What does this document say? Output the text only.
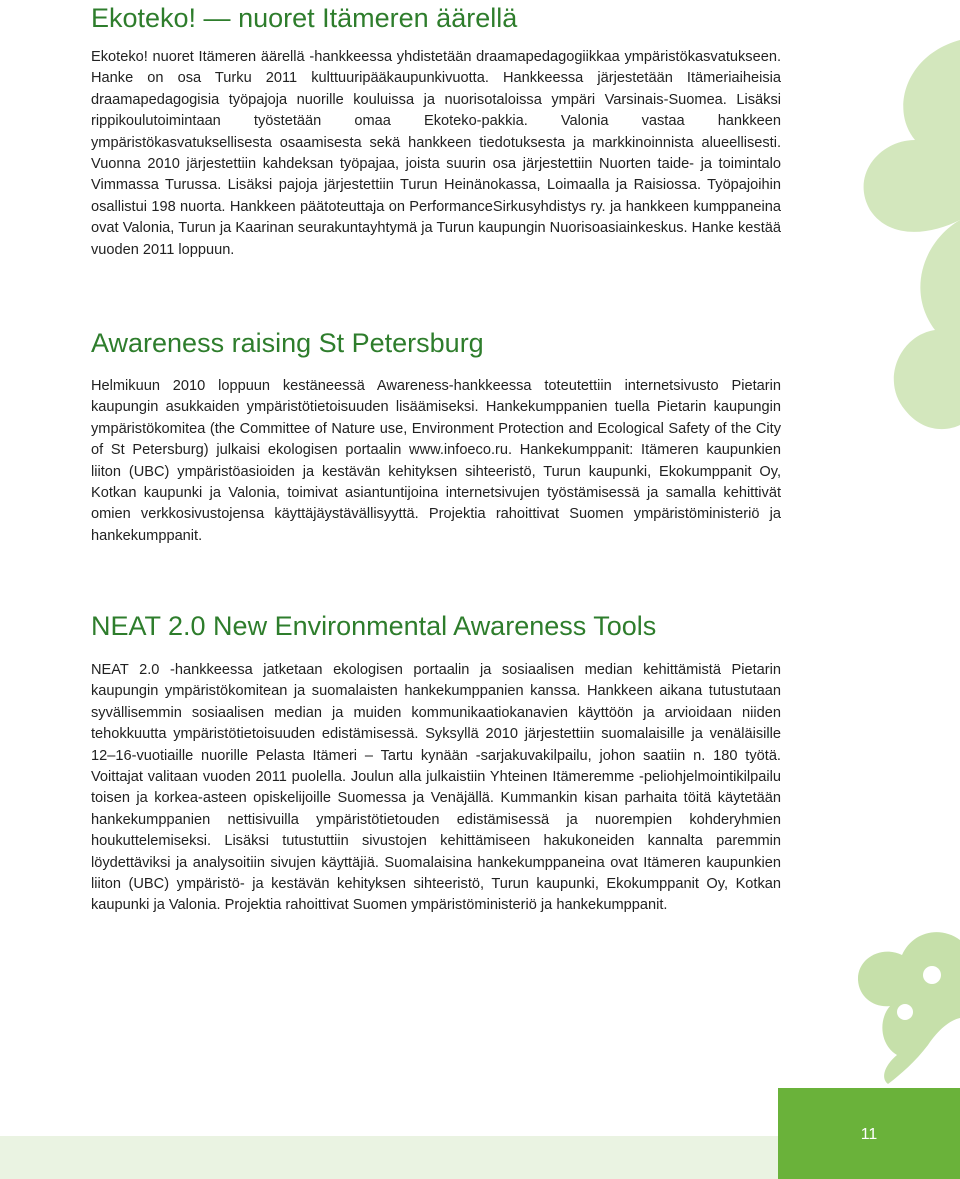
Ekoteko! — nuoret Itämeren äärellä

Ekoteko! nuoret Itämeren äärellä -hankkeessa yhdistetään draamapedagogiikkaa ympäristökasvatukseen. Hanke on osa Turku 2011 kulttuuripääkaupunkivuotta. Hankkeessa järjestetään Itämeriaiheisia draamapedagogisia työpajoja nuorille kouluissa ja nuorisotaloissa ympäri Varsinais-Suomea. Lisäksi rippikoulutoimintaan työstetään omaa Ekoteko-pakkia. Valonia vastaa hankkeen ympäristökasvatuksellisesta osaamisesta sekä hankkeen tiedotuksesta ja markkinoinnista alueellisesti. Vuonna 2010 järjestettiin kahdeksan työpajaa, joista suurin osa järjestettiin Nuorten taide- ja toimintalo Vimmassa Turussa. Lisäksi pajoja järjestettiin Turun Heinänokassa, Loimaalla ja Raisiossa. Työpajoihin osallistui 198 nuorta. Hankkeen päätoteuttaja on PerformanceSirkusyhdistys ry. ja hankkeen kumppaneina ovat Valonia, Turun ja Kaarinan seurakuntayhtymä ja Turun kaupungin Nuorisoasiainkeskus. Hanke kestää vuoden 2011 loppuun.

Awareness raising St Petersburg

Helmikuun 2010 loppuun kestäneessä Awareness-hankkeessa toteutettiin internetsivusto Pietarin kaupungin asukkaiden ympäristötietoisuuden lisäämiseksi. Hankekumppanien tuella Pietarin kaupungin ympäristökomitea (the Committee of Nature use, Environment Protection and Ecological Safety of the City of St Petersburg) julkaisi ekologisen portaalin www.infoeco.ru. Hankekumppanit: Itämeren kaupunkien liiton (UBC) ympäristöasioiden ja kestävän kehityksen sihteeristö, Turun kaupunki, Ekokumppanit Oy, Kotkan kaupunki ja Valonia, toimivat asiantuntijoina internetsivujen työstämisessä ja samalla kehittivät omien verkkosivustojensa käyttäjäystävällisyyttä. Projektia rahoittivat Suomen ympäristöministeriö ja hankekumppanit.

NEAT 2.0 New Environmental Awareness Tools

NEAT 2.0 -hankkeessa jatketaan ekologisen portaalin ja sosiaalisen median kehittämistä Pietarin kaupungin ympäristökomitean ja suomalaisten hankekumppanien kanssa. Hankkeen aikana tutustutaan syvällisemmin sosiaalisen median ja muiden kommunikaatiokanavien käyttöön ja arvioidaan niiden tehokkuutta ympäristötietoisuuden edistämisessä. Syksyllä 2010 järjestettiin suomalaisille ja venäläisille 12–16-vuotiaille nuorille Pelasta Itämeri – Tartu kynään -sarjakuvakilpailu, johon saatiin n. 180 työtä. Voittajat valitaan vuoden 2011 puolella. Joulun alla julkaistiin Yhteinen Itämeremme -peliohjelmointikilpailu toisen ja korkea-asteen opiskelijoille Suomessa ja Venäjällä. Kummankin kisan parhaita töitä käytetään hankekumppanien nettisivuilla ympäristötietouden edistämisessä ja nuorempien kohderyhmien houkuttelemiseksi. Lisäksi tutustuttiin sivustojen kehittämiseen hakukoneiden kannalta paremmin löydettäviksi ja analysoitiin sivujen käyttäjiä. Suomalaisina hankekumppaneina ovat Itämeren kaupunkien liiton (UBC) ympäristö- ja kestävän kehityksen sihteeristö, Turun kaupunki, Ekokumppanit Oy, Kotkan kaupunki ja Valonia. Projektia rahoittivat Suomen ympäristöministeriö ja hankekumppanit.

11
